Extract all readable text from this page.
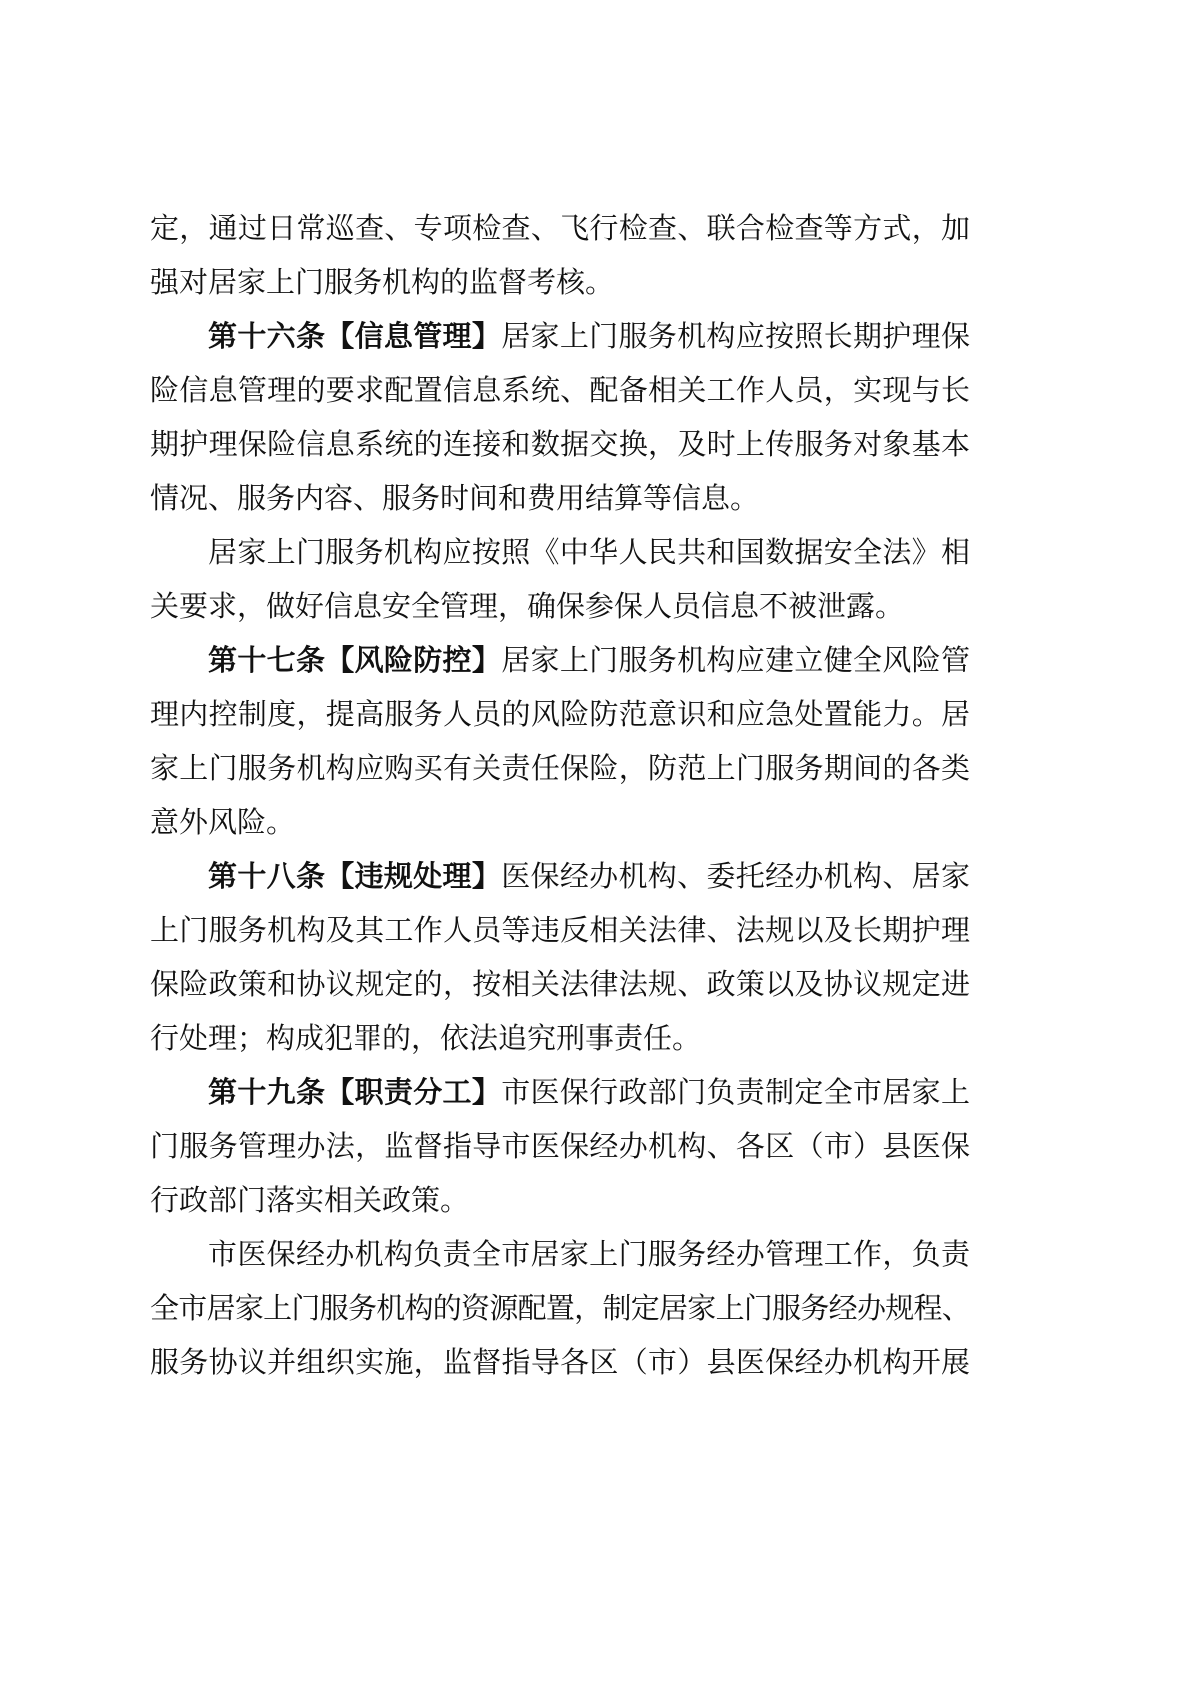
定，通过日常巡查、专项检查、飞行检查、联合检查等方式，加
强对居家上门服务机构的监督考核。
第十六条【信息管理】居家上门服务机构应按照长期护理保
险信息管理的要求配置信息系统、配备相关工作人员，实现与长
期护理保险信息系统的连接和数据交换，及时上传服务对象基本
情况、服务内容、服务时间和费用结算等信息。
居家上门服务机构应按照《中华人民共和国数据安全法》相
关要求，做好信息安全管理，确保参保人员信息不被泄露。
第十七条【风险防控】居家上门服务机构应建立健全风险管
理内控制度，提高服务人员的风险防范意识和应急处置能力。居
家上门服务机构应购买有关责任保险，防范上门服务期间的各类
意外风险。
第十八条【违规处理】医保经办机构、委托经办机构、居家
上门服务机构及其工作人员等违反相关法律、法规以及长期护理
保险政策和协议规定的，按相关法律法规、政策以及协议规定进
行处理；构成犯罪的，依法追究刑事责任。
第十九条【职责分工】市医保行政部门负责制定全市居家上
门服务管理办法，监督指导市医保经办机构、各区（市）县医保
行政部门落实相关政策。
市医保经办机构负责全市居家上门服务经办管理工作，负责
全市居家上门服务机构的资源配置，制定居家上门服务经办规程、
服务协议并组织实施，监督指导各区（市）县医保经办机构开展
